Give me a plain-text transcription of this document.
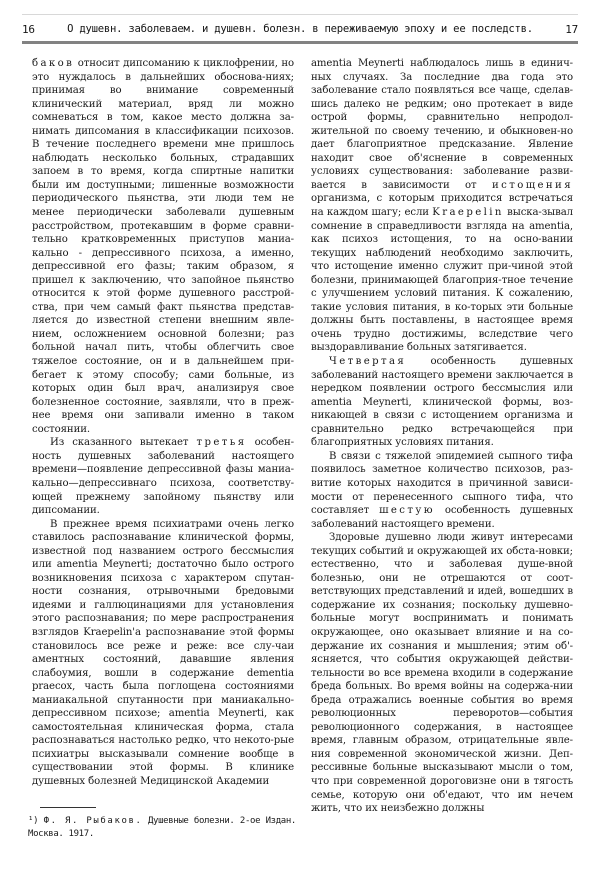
16	О душевн. заболеваем. и душевн. болезн. в переживаемую эпоху и ее последств.	17

баков относит дипсоманию к циклофрении, но это нуждалось в дальнейших обоснова-ниях; принимая во внимание современный клинический материал, вряд ли можно сомневаться в том, какое место должна за-нимать дипсомания в классификации психозов. В течение последнего времени мне пришлось наблюдать несколько больных, страдавших запоем в то время, когда спиртные напитки были им доступными; лишенные возможности периодического пьянства, эти люди тем не менее периодически заболевали душевным расстройством, протекавшим в форме сравни-тельно кратковременных приступов маниа-кально - депрессивного психоза, а именно, депрессивной его фазы; таким образом, я пришел к заключению, что запойное пьянство относится к этой форме душевного расстрой-ства, при чем самый факт пьянства представ-ляется до известной степени внешним явле-нием, осложнением основной болезни; раз больной начал пить, чтобы облегчить свое тяжелое состояние, он и в дальнейшем при-бегает к этому способу; сами больные, из которых один был врач, анализируя свое болезненное состояние, заявляли, что в преж-нее время они запивали именно в таком состоянии.

Из сказанного вытекает третья особен-ность душевных заболеваний настоящего времени—появление депрессивной фазы маниа-кально—депрессивнаго психоза, соответству-ющей прежнему запойному пьянству или дипсомании.

В прежнее время психиатрами очень легко ставилось распознавание клинической формы, известной под названием острого бессмыслия или amentia Meynerti; достаточно было острого возникновения психоза с характером спутан-ности сознания, отрывочными бредовыми идеями и галлюцинациями для установления этого распознавания; по мере распространения взглядов Kraepelin'а распознавание этой формы становилось все реже и реже: все слу-чаи аментных состояний, дававшие явления слабоумия, вошли в содержание dementia praecox, часть была поглощена состояниями маниакальной спутанности при маниакально-депрессивном психозе; amentia Meynerti, как самостоятельная клиническая форма, стала распознаваться настолько редко, что некото-рые психиатры высказывали сомнение вообще в существовании этой формы. В клинике душевных болезней Медицинской Академии

amentia Meynerti наблюдалось лишь в единич-ных случаях. За последние два года это заболевание стало появляться все чаще, сделав-шись далеко не редким; оно протекает в виде острой формы, сравнительно непродол-жительной по своему течению, и обыкновен-но дает благоприятное предсказание. Явление находит свое об'яснение в современных условиях существования: заболевание разви-вается в зависимости от истощения организма, с которым приходится встречаться на каждом шагу; если Kraepelin выска-зывал сомнение в справедливости взгляда на amentia, как психоз истощения, то на осно-вании текущих наблюдений необходимо заключить, что истощение именно служит при-чиной этой болезни, принимающей благоприя-тное течение с улучшением условий питания. К сожалению, такие условия питания, в ко-торых эти больные должны быть поставлены, в настоящее время очень трудно достижимы, вследствие чего выздоравливание больных затягивается.

Четвертая особенность душевных заболеваний настоящего времени заключается в нередком появлении острого бессмыслия или amentia Meynerti, клинической формы, воз-никающей в связи с истощением организма и сравнительно редко встречающейся при благоприятных условиях питания.

В связи с тяжелой эпидемией сыпного тифа появилось заметное количество психозов, раз-витие которых находится в причинной зависи-мости от перенесенного сыпного тифа, что составляет шестую особенность душевных заболеваний настоящего времени.

Здоровые душевно люди живут интересами текущих событий и окружающей их обста-новки; естественно, что и заболевая душе-вной болезнью, они не отрешаются от соот-ветствующих представлений и идей, вошедших в содержание их сознания; поскольку душевно-больные могут воспринимать и понимать окружающее, оно оказывает влияние и на со-держание их сознания и мышления; этим об'-ясняется, что события окружающей действи-тельности во все времена входили в содержание бреда больных. Во время войны на содержа-нии бреда отражались военные события во время революционных переворотов—события революционного содержания, в настоящее время, главным образом, отрицательные явле-ния современной экономической жизни. Деп-рессивные больные высказывают мысли о том, что при современной дороговизне они в тягость семье, которую они об'едают, что им нечем жить, что их неизбежно должны

¹) Ф. Я. Рыбаков. Душевные болезни. 2-ое Издан. Москва. 1917.
